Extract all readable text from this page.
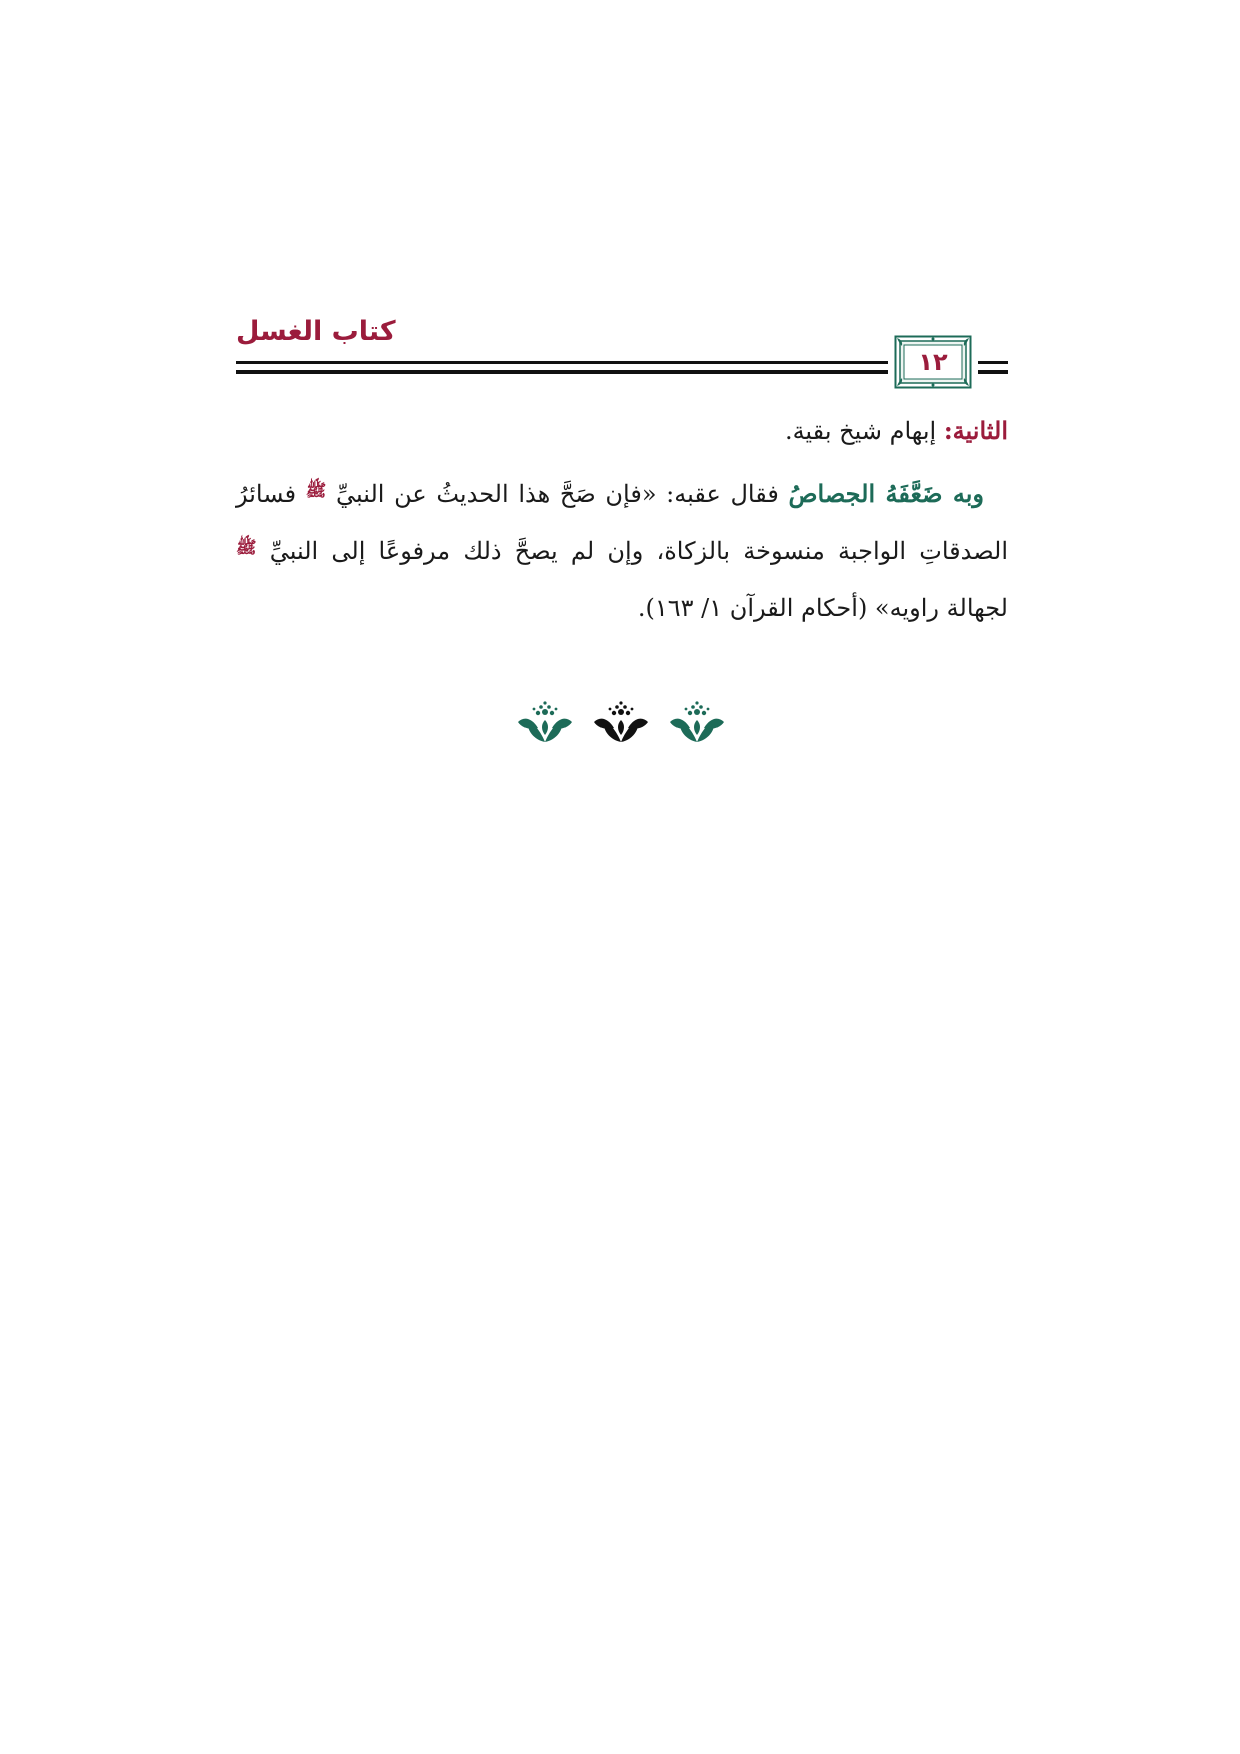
كتاب الغسل
١٢

الثانية: إبهام شيخ بقية.

 وبه ضَعَّفَهُ الجصاصُ فقال عقبه: «فإن صَحَّ هذا الحديثُ عن النبيِّ ﷺ فسائرُ الصدقاتِ الواجبة منسوخة بالزكاة، وإن لم يصحَّ ذلك مرفوعًا إلى النبيِّ ﷺ لجهالة راويه» (أحكام القرآن ١/ ١٦٣).
